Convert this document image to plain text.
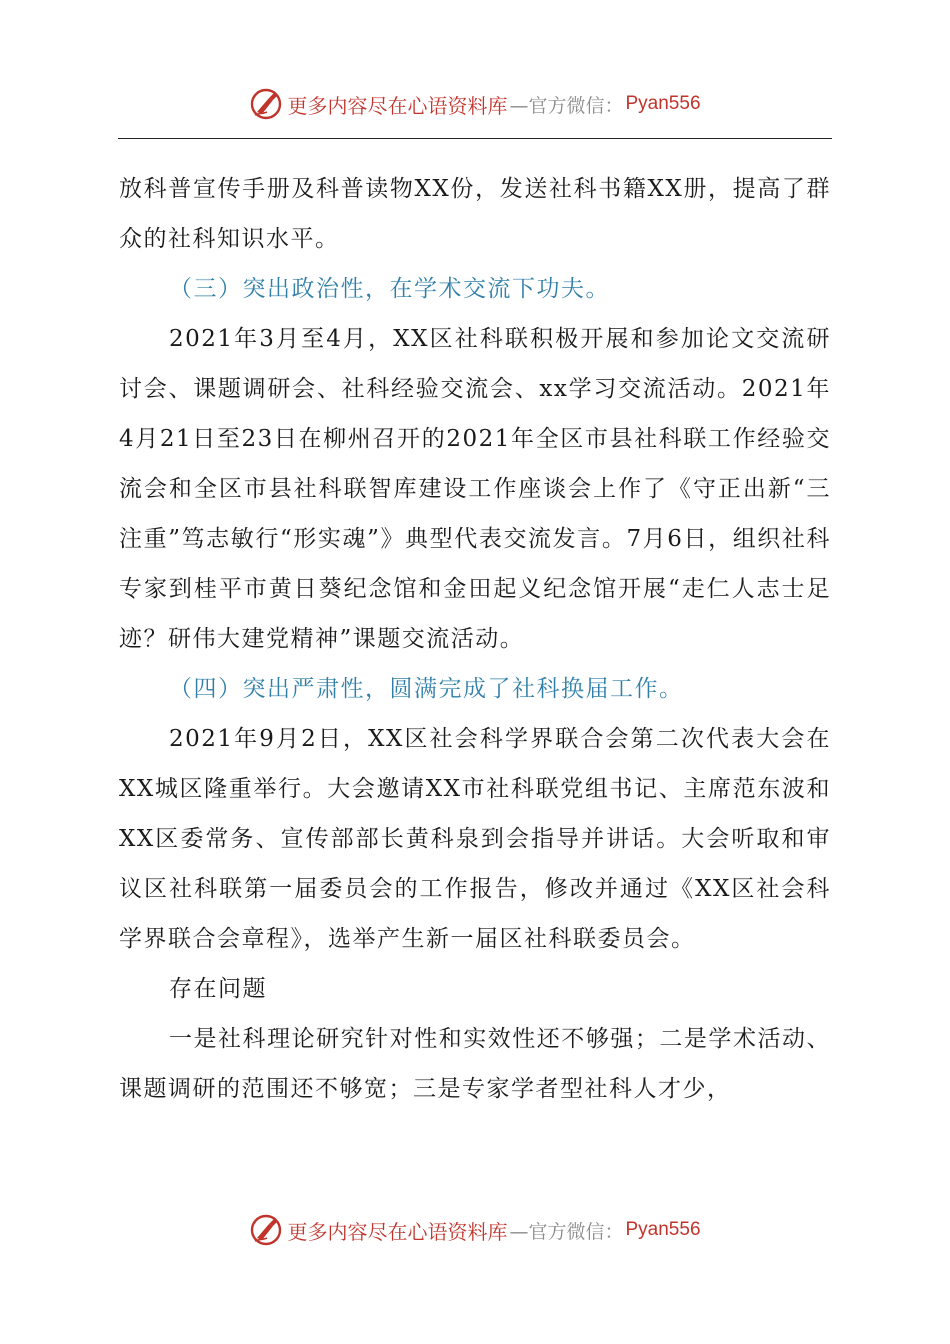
更多内容尽在心语资料库 —官方微信： Pyan556

放科普宣传手册及科普读物XX份，发送社科书籍XX册，提高了群众的社科知识水平。

（三）突出政治性，在学术交流下功夫。

2021年3月至4月，XX区社科联积极开展和参加论文交流研讨会、课题调研会、社科经验交流会、xx学习交流活动。2021年4月21日至23日在柳州召开的2021年全区市县社科联工作经验交流会和全区市县社科联智库建设工作座谈会上作了《守正出新“三注重”笃志敏行“形实魂”》典型代表交流发言。7月6日，组织社科专家到桂平市黄日葵纪念馆和金田起义纪念馆开展“走仁人志士足迹？研伟大建党精神”课题交流活动。

（四）突出严肃性，圆满完成了社科换届工作。

2021年9月2日，XX区社会科学界联合会第二次代表大会在XX城区隆重举行。大会邀请XX市社科联党组书记、主席范东波和XX区委常务、宣传部部长黄科泉到会指导并讲话。大会听取和审议区社科联第一届委员会的工作报告，修改并通过《XX区社会科学界联合会章程》，选举产生新一届区社科联委员会。

存在问题

一是社科理论研究针对性和实效性还不够强；二是学术活动、课题调研的范围还不够宽；三是专家学者型社科人才少，

更多内容尽在心语资料库 —官方微信： Pyan556
